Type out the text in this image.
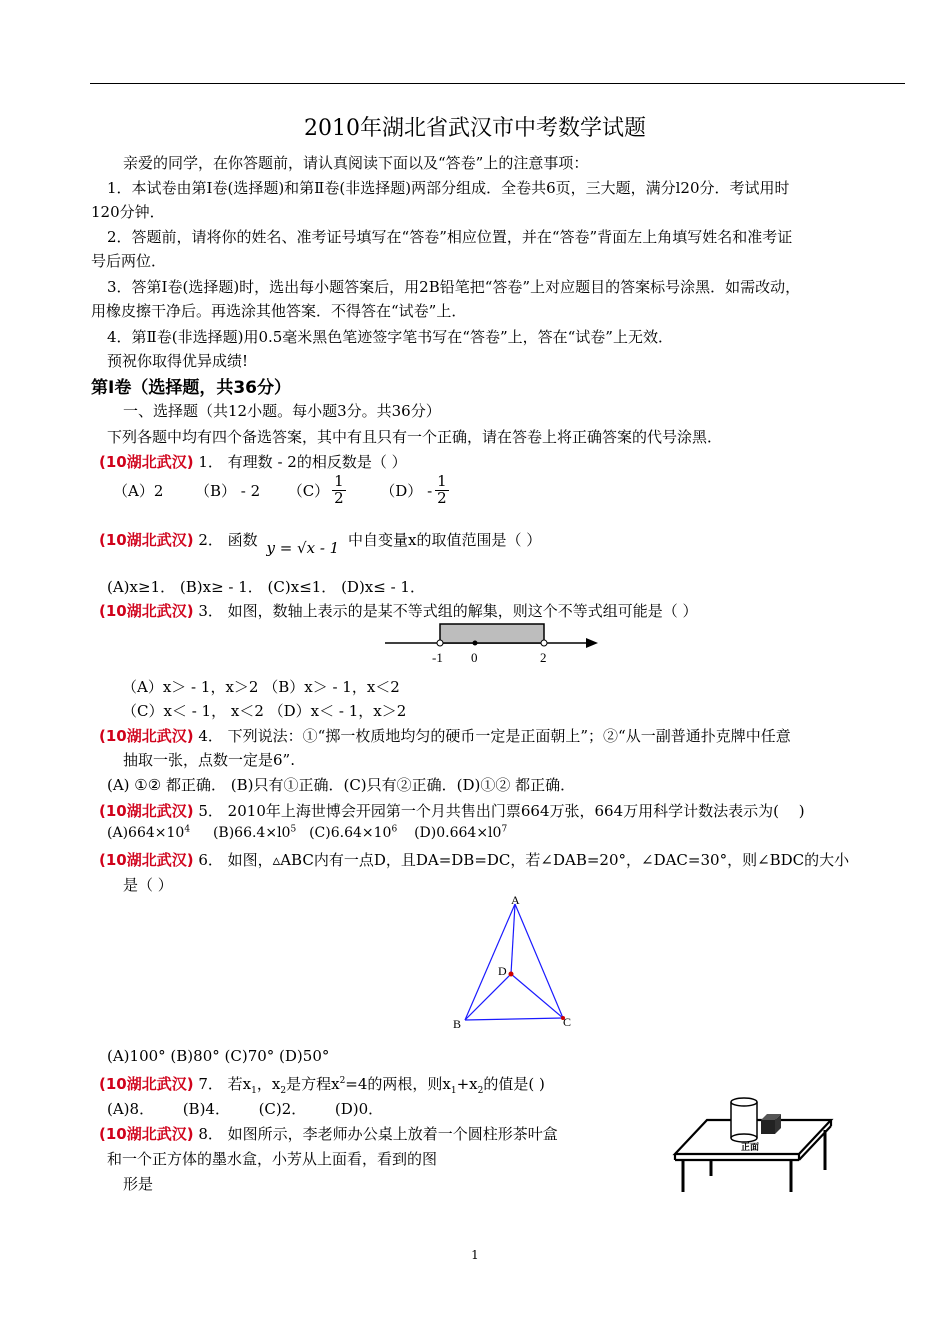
2010年湖北省武汉市中考数学试题
亲爱的同学，在你答题前，请认真阅读下面以及“答卷”上的注意事项：
1．本试卷由第Ⅰ卷(选择题)和第Ⅱ卷(非选择题)两部分组成．全卷共6页，三大题，满分l20分．考试用时
120分钟．
2．答题前，请将你的姓名、准考证号填写在“答卷”相应位置，并在“答卷”背面左上角填写姓名和准考证
号后两位．
3．答第Ⅰ卷(选择题)时，选出每小题答案后，用2B铅笔把“答卷”上对应题目的答案标号涂黑．如需改动，
用橡皮擦干净后。再选涂其他答案．不得答在“试卷”上．
4．第Ⅱ卷(非选择题)用0.5毫米黑色笔迹签字笔书写在“答卷”上，答在“试卷”上无效．
预祝你取得优异成绩!
第Ⅰ卷（选择题，共36分）
一、选择题（共12小题。每小题3分。共36分）
下列各题中均有四个备选答案，其中有且只有一个正确，请在答卷上将正确答案的代号涂黑．
(10湖北武汉) 1． 有理数 - 2的相反数是（ ）
（A）2 （B） - 2 $(C) \frac{1}{2} (D) - \frac{1}{2}$
(10湖北武汉) 2． 函数 y = √x - 1 中自变量x的取值范围是（ ）
(A)x≥1． (B)x≥ - 1． (C)x≤1． (D)x≤ - 1．
(10湖北武汉) 3． 如图，数轴上表示的是某不等式组的解集，则这个不等式组可能是（ ）
-1 0	2
（A）x＞ - 1，x＞2 （B）x＞ - 1，x＜2
（C）x＜ - 1， x＜2 （D）x＜ - 1，x＞2
(10湖北武汉) 4． 下列说法：①“掷一枚质地均匀的硬币一定是正面朝上”；②“从一副普通扑克牌中任意
抽取一张，点数一定是6”.
(A) ①② 都正确． (B)只有①正确．(C)只有②正确．(D)①② 都正确．
(10湖北武汉) 5． 2010年上海世博会开园第一个月共售出门票664万张，664万用科学计数法表示为(　 )
$(A)664\times 10^4$ $(B)66.4\times l0^5$ $(C)6.64\times 10^6$ $(D)0.664\times l0^7$
(10湖北武汉) 6． 如图，▵ABC内有一点D，且DA=DB=DC，若∠DAB=20°，∠DAC=30°，则∠BDC的大小
是（ ）
A
D
B	C
(A)100° (B)80° (C)70° (D)50°
(10湖北武汉) 7． 若$x_1$，$x_2$是方程$x^2=4$的两根，则$x_1+x_2$的值是( )
(A)8．      (B)4．      (C)2．      (D)0．
(10湖北武汉) 8． 如图所示，李老师办公桌上放着一个圆柱形茶叶盒
和一个正方体的墨水盒，小芳从上面看，看到的图
形是
正面
1
